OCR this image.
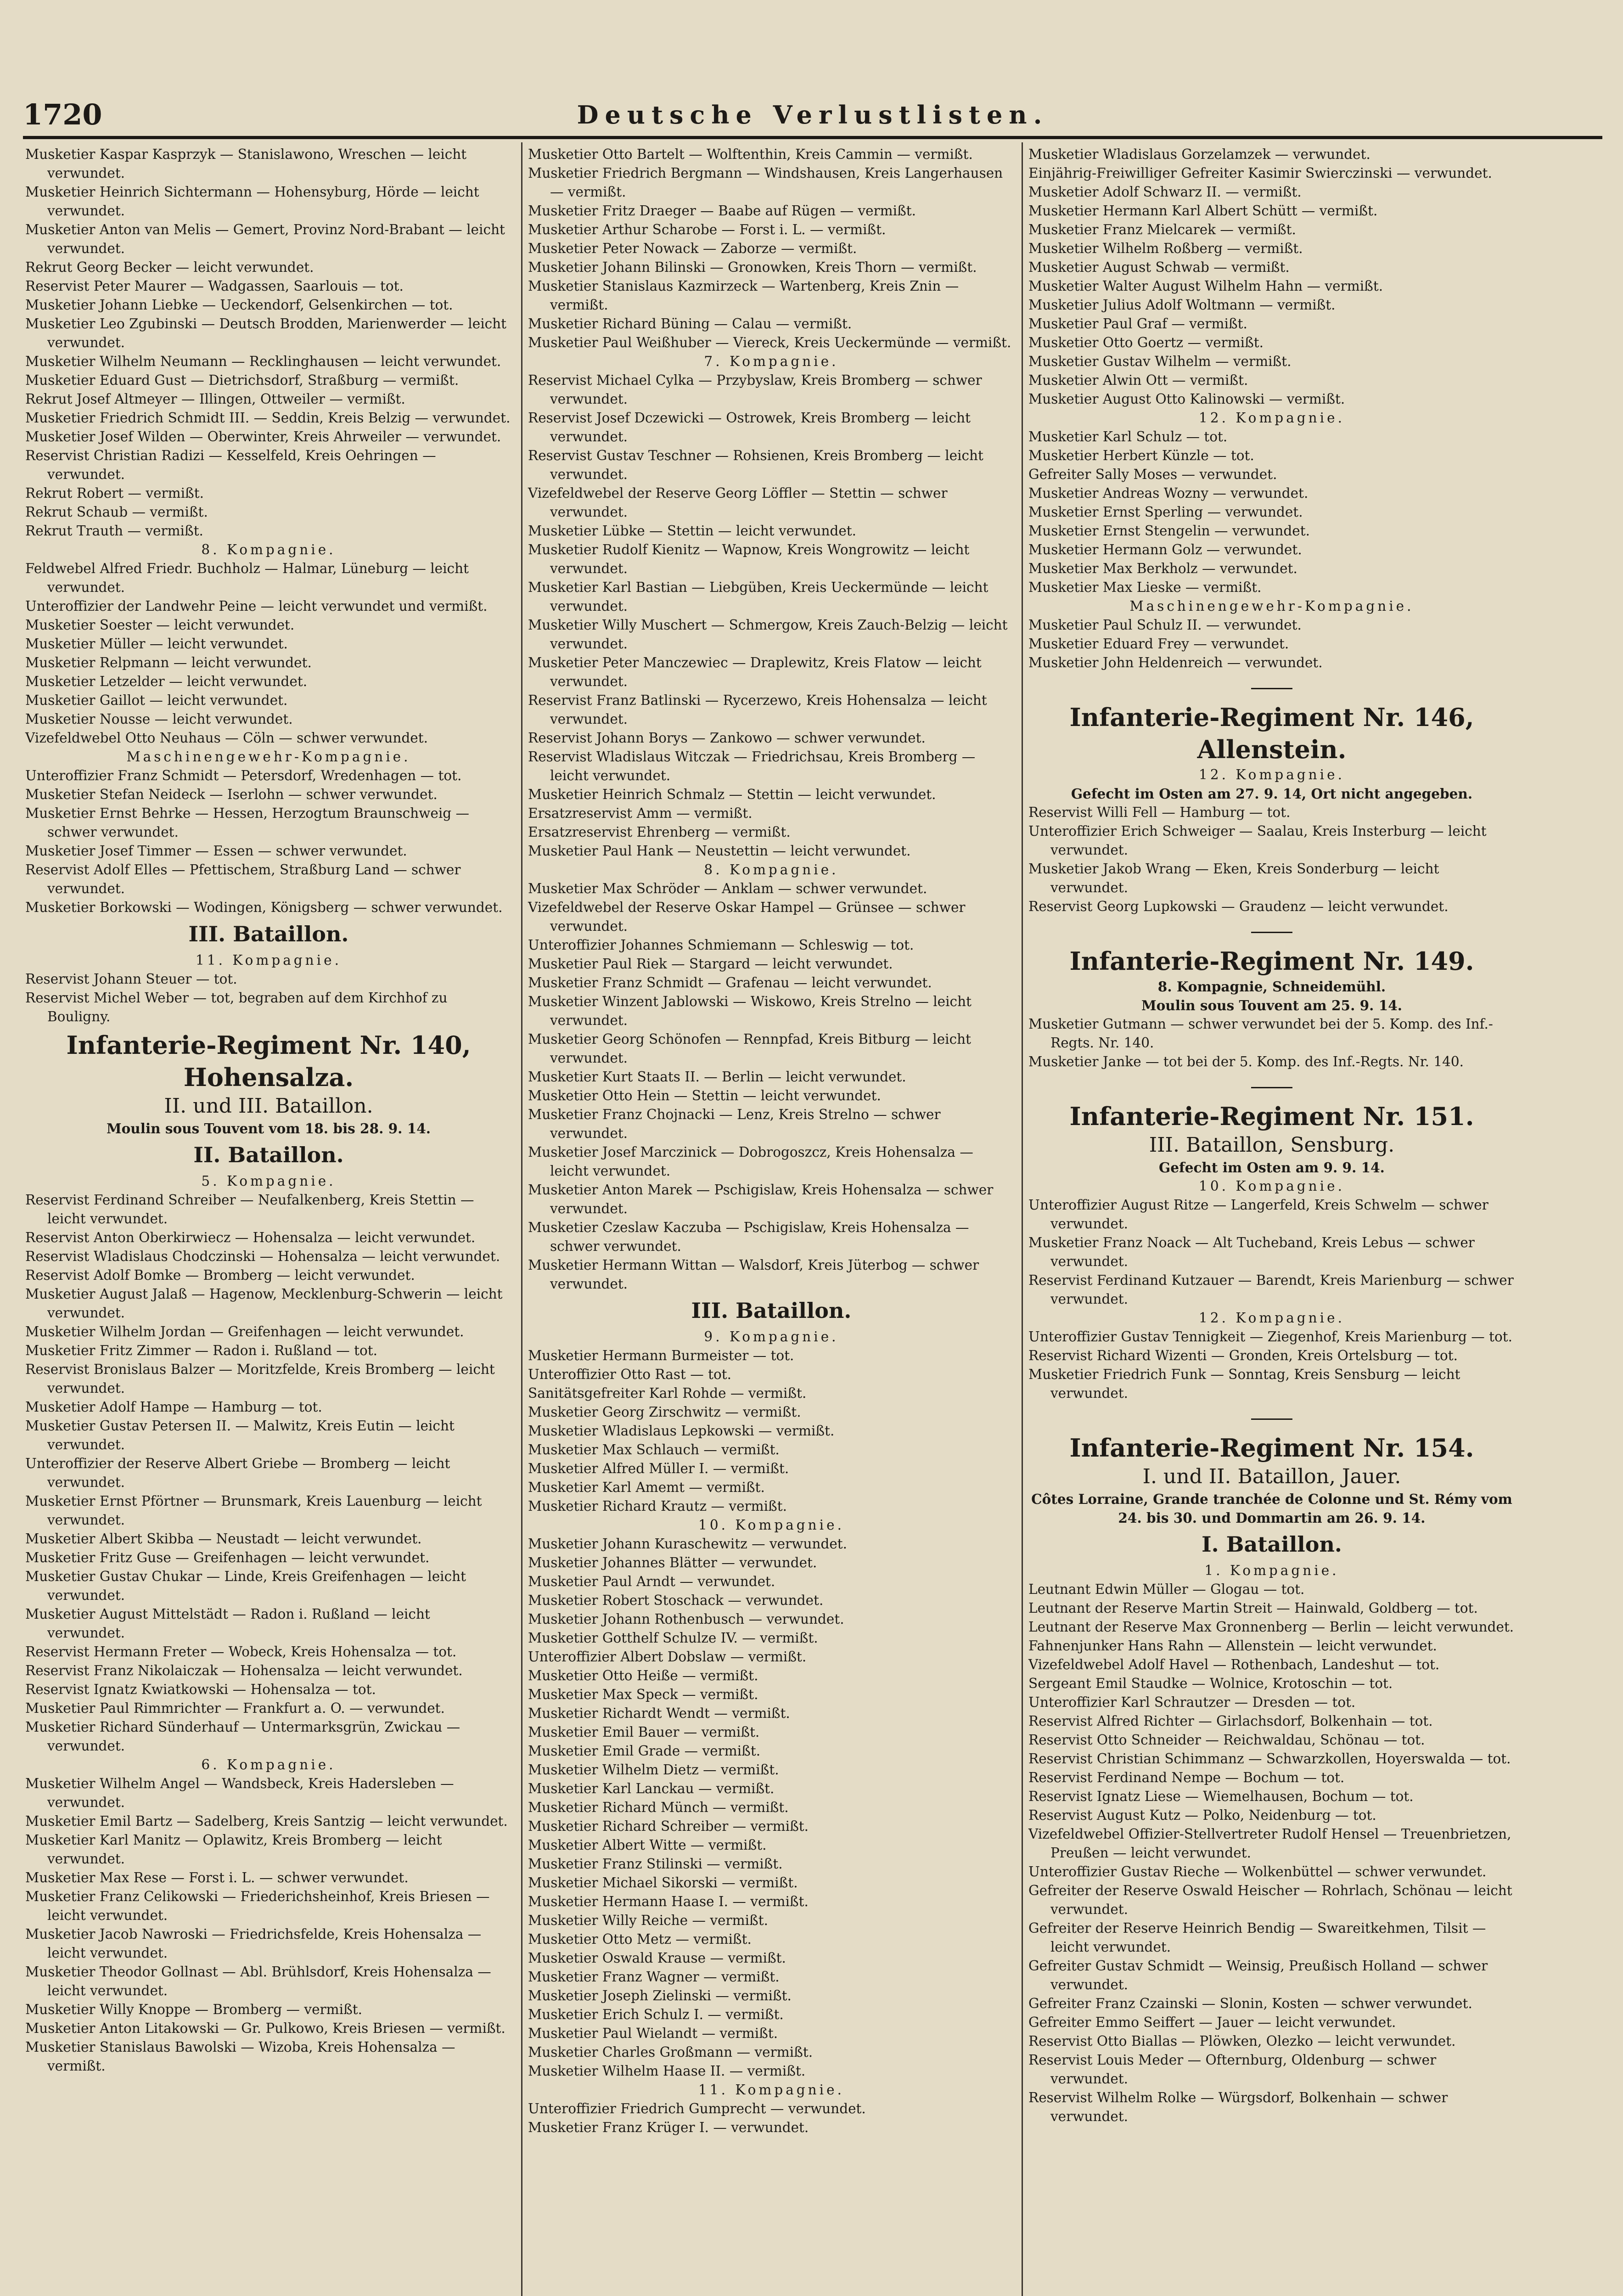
1720	Deutsche Verlustlisten.
Musketier Kaspar Kasprzyk — Stanislawono, Wreschen — leicht verwundet.
Musketier Heinrich Sichtermann — Hohensyburg, Hörde — leicht verwundet.
Musketier Anton van Melis — Gemert, Provinz Nord-Brabant — leicht verwundet.
Rekrut Georg Becker — leicht verwundet.
Reservist Peter Maurer — Wadgassen, Saarlouis — tot.
Musketier Johann Liebke — Ueckendorf, Gelsenkirchen — tot.
Musketier Leo Zgubinski — Deutsch Brodden, Marienwerder — leicht verwundet.
Musketier Wilhelm Neumann — Recklinghausen — leicht verwundet.
Musketier Eduard Gust — Dietrichsdorf, Straßburg — vermißt.
Rekrut Josef Altmeyer — Illingen, Ottweiler — vermißt.
Musketier Friedrich Schmidt III. — Seddin, Kreis Belzig — verwundet.
Musketier Josef Wilden — Oberwinter, Kreis Ahrweiler — verwundet.
Reservist Christian Radizi — Kesselfeld, Kreis Oehringen — verwundet.
Rekrut Robert — vermißt.
Rekrut Schaub — vermißt.
Rekrut Trauth — vermißt.
8. Kompagnie.
Feldwebel Alfred Friedr. Buchholz — Halmar, Lüneburg — leicht verwundet.
Unteroffizier der Landwehr Peine — leicht verwundet und vermißt.
Musketier Soester — leicht verwundet.
Musketier Müller — leicht verwundet.
Musketier Relpmann — leicht verwundet.
Musketier Letzelder — leicht verwundet.
Musketier Gaillot — leicht verwundet.
Musketier Nousse — leicht verwundet.
Vizefeldwebel Otto Neuhaus — Cöln — schwer verwundet.
Maschinengewehr-Kompagnie.
Unteroffizier Franz Schmidt — Petersdorf, Wredenhagen — tot.
Musketier Stefan Neideck — Iserlohn — schwer verwundet.
Musketier Ernst Behrke — Hessen, Herzogtum Braunschweig — schwer verwundet.
Musketier Josef Timmer — Essen — schwer verwundet.
Reservist Adolf Elles — Pfettischem, Straßburg Land — schwer verwundet.
Musketier Borkowski — Wodingen, Königsberg — schwer verwundet.
III. Bataillon.
11. Kompagnie.
Reservist Johann Steuer — tot.
Reservist Michel Weber — tot, begraben auf dem Kirchhof zu Bouligny.
Infanterie-Regiment Nr. 140, Hohensalza.
II. und III. Bataillon.
Moulin sous Touvent vom 18. bis 28. 9. 14.
II. Bataillon.
5. Kompagnie.
Reservist Ferdinand Schreiber — Neufalkenberg, Kreis Stettin — leicht verwundet.
Reservist Anton Oberkirwiecz — Hohensalza — leicht verwundet.
Reservist Wladislaus Chodczinski — Hohensalza — leicht verwundet.
Reservist Adolf Bomke — Bromberg — leicht verwundet.
Musketier August Jalaß — Hagenow, Mecklenburg-Schwerin — leicht verwundet.
Musketier Wilhelm Jordan — Greifenhagen — leicht verwundet.
Musketier Fritz Zimmer — Radon i. Rußland — tot.
Reservist Bronislaus Balzer — Moritzfelde, Kreis Bromberg — leicht verwundet.
Musketier Adolf Hampe — Hamburg — tot.
Musketier Gustav Petersen II. — Malwitz, Kreis Eutin — leicht verwundet.
Unteroffizier der Reserve Albert Griebe — Bromberg — leicht verwundet.
Musketier Ernst Pförtner — Brunsmark, Kreis Lauenburg — leicht verwundet.
Musketier Albert Skibba — Neustadt — leicht verwundet.
Musketier Fritz Guse — Greifenhagen — leicht verwundet.
Musketier Gustav Chukar — Linde, Kreis Greifenhagen — leicht verwundet.
Musketier August Mittelstädt — Radon i. Rußland — leicht verwundet.
Reservist Hermann Freter — Wobeck, Kreis Hohensalza — tot.
Reservist Franz Nikolaiczak — Hohensalza — leicht verwundet.
Reservist Ignatz Kwiatkowski — Hohensalza — tot.
Musketier Paul Rimmrichter — Frankfurt a. O. — verwundet.
Musketier Richard Sünderhauf — Untermarksgrün, Zwickau — verwundet.
6. Kompagnie.
Musketier Wilhelm Angel — Wandsbeck, Kreis Hadersleben — verwundet.
Musketier Emil Bartz — Sadelberg, Kreis Santzig — leicht verwundet.
Musketier Karl Manitz — Oplawitz, Kreis Bromberg — leicht verwundet.
Musketier Max Rese — Forst i. L. — schwer verwundet.
Musketier Franz Celikowski — Friederichsheinhof, Kreis Briesen — leicht verwundet.
Musketier Jacob Nawroski — Friedrichsfelde, Kreis Hohensalza — leicht verwundet.
Musketier Theodor Gollnast — Abl. Brühlsdorf, Kreis Hohensalza — leicht verwundet.
Musketier Willy Knoppe — Bromberg — vermißt.
Musketier Anton Litakowski — Gr. Pulkowo, Kreis Briesen — vermißt.
Musketier Stanislaus Bawolski — Wizoba, Kreis Hohensalza — vermißt.
Musketier Otto Bartelt — Wolftenthin, Kreis Cammin — vermißt.
Musketier Friedrich Bergmann — Windshausen, Kreis Langerhausen — vermißt.
Musketier Fritz Draeger — Baabe auf Rügen — vermißt.
Musketier Arthur Scharobe — Forst i. L. — vermißt.
Musketier Peter Nowack — Zaborze — vermißt.
Musketier Johann Bilinski — Gronowken, Kreis Thorn — vermißt.
Musketier Stanislaus Kazmirzeck — Wartenberg, Kreis Znin — vermißt.
Musketier Richard Büning — Calau — vermißt.
Musketier Paul Weißhuber — Viereck, Kreis Ueckermünde — vermißt.
7. Kompagnie.
Reservist Michael Cylka — Przybyslaw, Kreis Bromberg — schwer verwundet.
Reservist Josef Dczewicki — Ostrowek, Kreis Bromberg — leicht verwundet.
Reservist Gustav Teschner — Rohsienen, Kreis Bromberg — leicht verwundet.
Vizefeldwebel der Reserve Georg Löffler — Stettin — schwer verwundet.
Musketier Lübke — Stettin — leicht verwundet.
Musketier Rudolf Kienitz — Wapnow, Kreis Wongrowitz — leicht verwundet.
Musketier Karl Bastian — Liebgüben, Kreis Ueckermünde — leicht verwundet.
Musketier Willy Muschert — Schmergow, Kreis Zauch-Belzig — leicht verwundet.
Musketier Peter Manczewiec — Draplewitz, Kreis Flatow — leicht verwundet.
Reservist Franz Batlinski — Rycerzewo, Kreis Hohensalza — leicht verwundet.
Reservist Johann Borys — Zankowo — schwer verwundet.
Reservist Wladislaus Witczak — Friedrichsau, Kreis Bromberg — leicht verwundet.
Musketier Heinrich Schmalz — Stettin — leicht verwundet.
Ersatzreservist Amm — vermißt.
Ersatzreservist Ehrenberg — vermißt.
Musketier Paul Hank — Neustettin — leicht verwundet.
8. Kompagnie.
Musketier Max Schröder — Anklam — schwer verwundet.
Vizefeldwebel der Reserve Oskar Hampel — Grünsee — schwer verwundet.
Unteroffizier Johannes Schmiemann — Schleswig — tot.
Musketier Paul Riek — Stargard — leicht verwundet.
Musketier Franz Schmidt — Grafenau — leicht verwundet.
Musketier Winzent Jablowski — Wiskowo, Kreis Strelno — leicht verwundet.
Musketier Georg Schönofen — Rennpfad, Kreis Bitburg — leicht verwundet.
Musketier Kurt Staats II. — Berlin — leicht verwundet.
Musketier Otto Hein — Stettin — leicht verwundet.
Musketier Franz Chojnacki — Lenz, Kreis Strelno — schwer verwundet.
Musketier Josef Marczinick — Dobrogoszcz, Kreis Hohensalza — leicht verwundet.
Musketier Anton Marek — Pschigislaw, Kreis Hohensalza — schwer verwundet.
Musketier Czeslaw Kaczuba — Pschigislaw, Kreis Hohensalza — schwer verwundet.
Musketier Hermann Wittan — Walsdorf, Kreis Jüterbog — schwer verwundet.
III. Bataillon.
9. Kompagnie.
Musketier Hermann Burmeister — tot.
Unteroffizier Otto Rast — tot.
Sanitätsgefreiter Karl Rohde — vermißt.
Musketier Georg Zirschwitz — vermißt.
Musketier Wladislaus Lepkowski — vermißt.
Musketier Max Schlauch — vermißt.
Musketier Alfred Müller I. — vermißt.
Musketier Karl Amemt — vermißt.
Musketier Richard Krautz — vermißt.
10. Kompagnie.
Musketier Johann Kuraschewitz — verwundet.
Musketier Johannes Blätter — verwundet.
Musketier Paul Arndt — verwundet.
Musketier Robert Stoschack — verwundet.
Musketier Johann Rothenbusch — verwundet.
Musketier Gotthelf Schulze IV. — vermißt.
Unteroffizier Albert Dobslaw — vermißt.
Musketier Otto Heiße — vermißt.
Musketier Max Speck — vermißt.
Musketier Richardt Wendt — vermißt.
Musketier Emil Bauer — vermißt.
Musketier Emil Grade — vermißt.
Musketier Wilhelm Dietz — vermißt.
Musketier Karl Lanckau — vermißt.
Musketier Richard Münch — vermißt.
Musketier Richard Schreiber — vermißt.
Musketier Albert Witte — vermißt.
Musketier Franz Stilinski — vermißt.
Musketier Michael Sikorski — vermißt.
Musketier Hermann Haase I. — vermißt.
Musketier Willy Reiche — vermißt.
Musketier Otto Metz — vermißt.
Musketier Oswald Krause — vermißt.
Musketier Franz Wagner — vermißt.
Musketier Joseph Zielinski — vermißt.
Musketier Erich Schulz I. — vermißt.
Musketier Paul Wielandt — vermißt.
Musketier Charles Großmann — vermißt.
Musketier Wilhelm Haase II. — vermißt.
11. Kompagnie.
Unteroffizier Friedrich Gumprecht — verwundet.
Musketier Franz Krüger I. — verwundet.
Musketier Wladislaus Gorzelamzek — verwundet.
Einjährig-Freiwilliger Gefreiter Kasimir Swierczinski — verwundet.
Musketier Adolf Schwarz II. — vermißt.
Musketier Hermann Karl Albert Schütt — vermißt.
Musketier Franz Mielcarek — vermißt.
Musketier Wilhelm Roßberg — vermißt.
Musketier August Schwab — vermißt.
Musketier Walter August Wilhelm Hahn — vermißt.
Musketier Julius Adolf Woltmann — vermißt.
Musketier Paul Graf — vermißt.
Musketier Otto Goertz — vermißt.
Musketier Gustav Wilhelm — vermißt.
Musketier Alwin Ott — vermißt.
Musketier August Otto Kalinowski — vermißt.
12. Kompagnie.
Musketier Karl Schulz — tot.
Musketier Herbert Künzle — tot.
Gefreiter Sally Moses — verwundet.
Musketier Andreas Wozny — verwundet.
Musketier Ernst Sperling — verwundet.
Musketier Ernst Stengelin — verwundet.
Musketier Hermann Golz — verwundet.
Musketier Max Berkholz — verwundet.
Musketier Max Lieske — vermißt.
Maschinengewehr-Kompagnie.
Musketier Paul Schulz II. — verwundet.
Musketier Eduard Frey — verwundet.
Musketier John Heldenreich — verwundet.
Infanterie-Regiment Nr. 146, Allenstein.
12. Kompagnie.
Gefecht im Osten am 27. 9. 14, Ort nicht angegeben.
Reservist Willi Fell — Hamburg — tot.
Unteroffizier Erich Schweiger — Saalau, Kreis Insterburg — leicht verwundet.
Musketier Jakob Wrang — Eken, Kreis Sonderburg — leicht verwundet.
Reservist Georg Lupkowski — Graudenz — leicht verwundet.
Infanterie-Regiment Nr. 149.
8. Kompagnie, Schneidemühl.
Moulin sous Touvent am 25. 9. 14.
Musketier Gutmann — schwer verwundet bei der 5. Komp. des Inf.-Regts. Nr. 140.
Musketier Janke — tot bei der 5. Komp. des Inf.-Regts. Nr. 140.
Infanterie-Regiment Nr. 151.
III. Bataillon, Sensburg.
Gefecht im Osten am 9. 9. 14.
10. Kompagnie.
Unteroffizier August Ritze — Langerfeld, Kreis Schwelm — schwer verwundet.
Musketier Franz Noack — Alt Tucheband, Kreis Lebus — schwer verwundet.
Reservist Ferdinand Kutzauer — Barendt, Kreis Marienburg — schwer verwundet.
12. Kompagnie.
Unteroffizier Gustav Tennigkeit — Ziegenhof, Kreis Marienburg — tot.
Reservist Richard Wizenti — Gronden, Kreis Ortelsburg — tot.
Musketier Friedrich Funk — Sonntag, Kreis Sensburg — leicht verwundet.
Infanterie-Regiment Nr. 154.
I. und II. Bataillon, Jauer.
Côtes Lorraine, Grande tranchée de Colonne und St. Rémy vom 24. bis 30. und Dommartin am 26. 9. 14.
I. Bataillon.
1. Kompagnie.
Leutnant Edwin Müller — Glogau — tot.
Leutnant der Reserve Martin Streit — Hainwald, Goldberg — tot.
Leutnant der Reserve Max Gronnenberg — Berlin — leicht verwundet.
Fahnenjunker Hans Rahn — Allenstein — leicht verwundet.
Vizefeldwebel Adolf Havel — Rothenbach, Landeshut — tot.
Sergeant Emil Staudke — Wolnice, Krotoschin — tot.
Unteroffizier Karl Schrautzer — Dresden — tot.
Reservist Alfred Richter — Girlachsdorf, Bolkenhain — tot.
Reservist Otto Schneider — Reichwaldau, Schönau — tot.
Reservist Christian Schimmanz — Schwarzkollen, Hoyerswalda — tot.
Reservist Ferdinand Nempe — Bochum — tot.
Reservist Ignatz Liese — Wiemelhausen, Bochum — tot.
Reservist August Kutz — Polko, Neidenburg — tot.
Vizefeldwebel Offizier-Stellvertreter Rudolf Hensel — Treuenbrietzen, Preußen — leicht verwundet.
Unteroffizier Gustav Rieche — Wolkenbüttel — schwer verwundet.
Gefreiter der Reserve Oswald Heischer — Rohrlach, Schönau — leicht verwundet.
Gefreiter der Reserve Heinrich Bendig — Swareitkehmen, Tilsit — leicht verwundet.
Gefreiter Gustav Schmidt — Weinsig, Preußisch Holland — schwer verwundet.
Gefreiter Franz Czainski — Slonin, Kosten — schwer verwundet.
Gefreiter Emmo Seiffert — Jauer — leicht verwundet.
Reservist Otto Biallas — Plöwken, Olezko — leicht verwundet.
Reservist Louis Meder — Ofternburg, Oldenburg — schwer verwundet.
Reservist Wilhelm Rolke — Würgsdorf, Bolkenhain — schwer verwundet.
